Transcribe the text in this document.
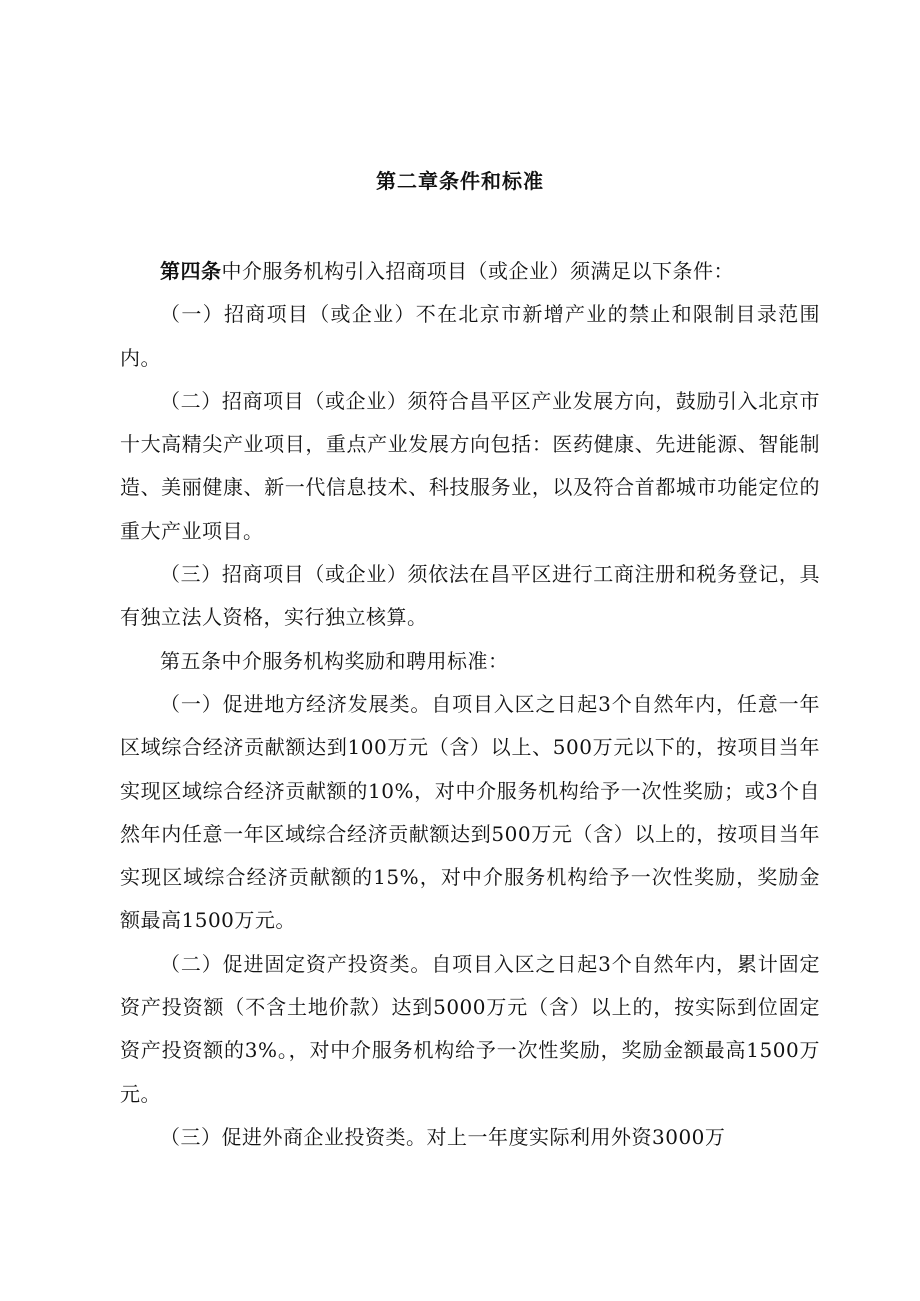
第二章条件和标准

第四条中介服务机构引入招商项目（或企业）须满足以下条件：

（一）招商项目（或企业）不在北京市新增产业的禁止和限制目录范围内。

（二）招商项目（或企业）须符合昌平区产业发展方向，鼓励引入北京市十大高精尖产业项目，重点产业发展方向包括：医药健康、先进能源、智能制造、美丽健康、新一代信息技术、科技服务业，以及符合首都城市功能定位的重大产业项目。

（三）招商项目（或企业）须依法在昌平区进行工商注册和税务登记，具有独立法人资格，实行独立核算。

第五条中介服务机构奖励和聘用标准：

（一）促进地方经济发展类。自项目入区之日起3个自然年内，任意一年区域综合经济贡献额达到100万元（含）以上、500万元以下的，按项目当年实现区域综合经济贡献额的10%，对中介服务机构给予一次性奖励；或3个自然年内任意一年区域综合经济贡献额达到500万元（含）以上的，按项目当年实现区域综合经济贡献额的15%，对中介服务机构给予一次性奖励，奖励金额最高1500万元。

（二）促进固定资产投资类。自项目入区之日起3个自然年内，累计固定资产投资额（不含土地价款）达到5000万元（含）以上的，按实际到位固定资产投资额的3%。，对中介服务机构给予一次性奖励，奖励金额最高1500万元。

（三）促进外商企业投资类。对上一年度实际利用外资3000万
